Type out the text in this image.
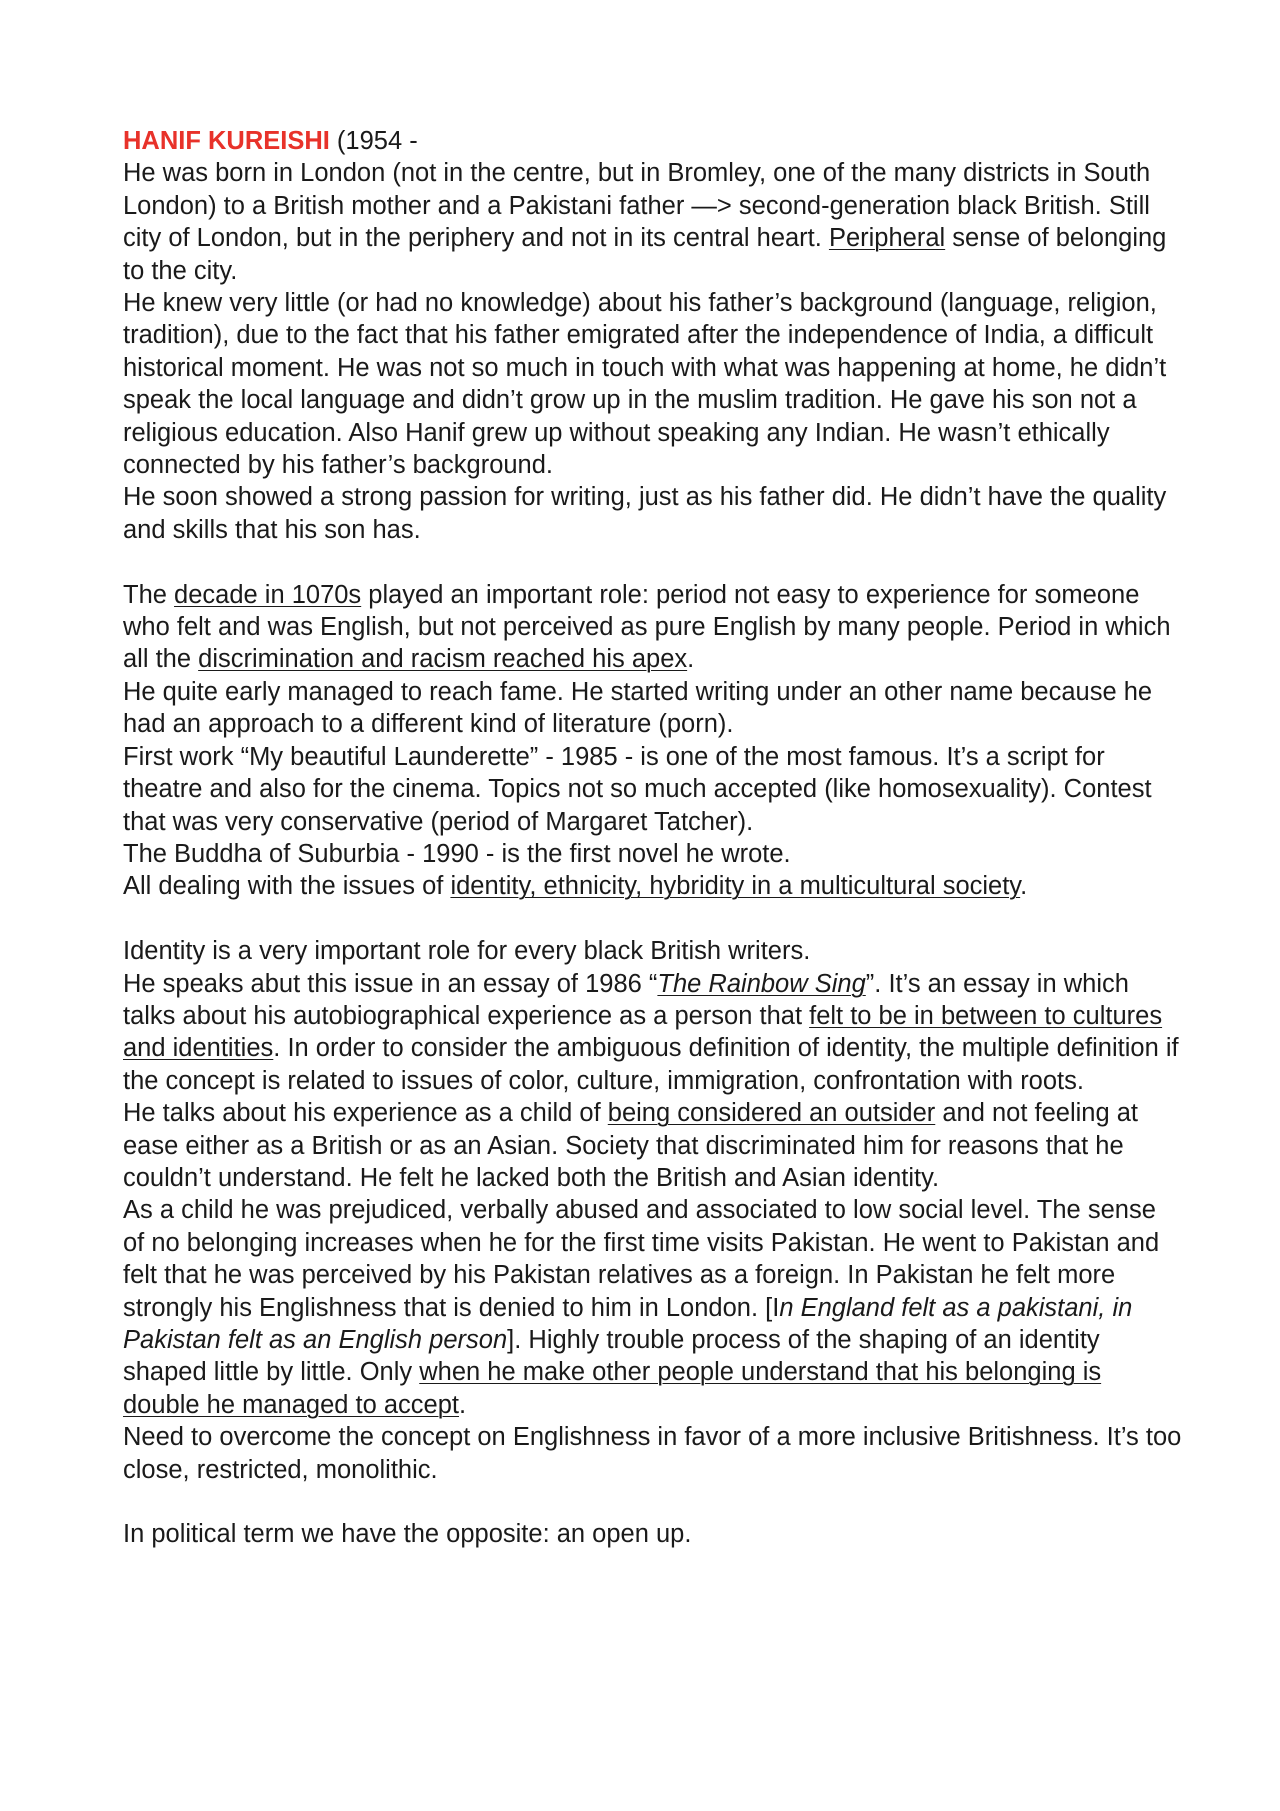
HANIF KUREISHI (1954 -

He was born in London (not in the centre, but in Bromley, one of the many districts in South London) to a British mother and a Pakistani father —> second-generation black British. Still city of London, but in the periphery and not in its central heart. Peripheral sense of belonging to the city.

He knew very little (or had no knowledge) about his father’s background (language, religion, tradition), due to the fact that his father emigrated after the independence of India, a difficult historical moment. He was not so much in touch with what was happening at home, he didn’t speak the local language and didn’t grow up in the muslim tradition. He gave his son not a religious education. Also Hanif grew up without speaking any Indian. He wasn’t ethically connected by his father’s background.

He soon showed a strong passion for writing, just as his father did. He didn’t have the quality and skills that his son has.

The decade in 1070s played an important role: period not easy to experience for someone who felt and was English, but not perceived as pure English by many people. Period in which all the discrimination and racism reached his apex.

He quite early managed to reach fame. He started writing under an other name because he had an approach to a different kind of literature (porn).

First work “My beautiful Launderette” - 1985 - is one of the most famous. It’s a script for theatre and also for the cinema. Topics not so much accepted (like homosexuality). Contest that was very conservative (period of Margaret Tatcher).

The Buddha of Suburbia - 1990 - is the first novel he wrote.

All dealing with the issues of identity, ethnicity, hybridity in a multicultural society.

Identity is a very important role for every black British writers.

He speaks abut this issue in an essay of 1986 “The Rainbow Sing”. It’s an essay in which talks about his autobiographical experience as a person that felt to be in between to cultures and identities. In order to consider the ambiguous definition of identity, the multiple definition if the concept is related to issues of color, culture, immigration, confrontation with roots.

He talks about his experience as a child of being considered an outsider and not feeling at ease either as a British or as an Asian. Society that discriminated him for reasons that he couldn’t understand. He felt he lacked both the British and Asian identity.

As a child he was prejudiced, verbally abused and associated to low social level. The sense of no belonging increases when he for the first time visits Pakistan. He went to Pakistan and felt that he was perceived by his Pakistan relatives as a foreign. In Pakistan he felt more strongly his Englishness that is denied to him in London. [In England felt as a pakistani, in Pakistan felt as an English person]. Highly trouble process of the shaping of an identity shaped little by little. Only when he make other people understand that his belonging is double he managed to accept.

Need to overcome the concept on Englishness in favor of a more inclusive Britishness. It’s too close, restricted, monolithic.

In political term we have the opposite: an open up.
